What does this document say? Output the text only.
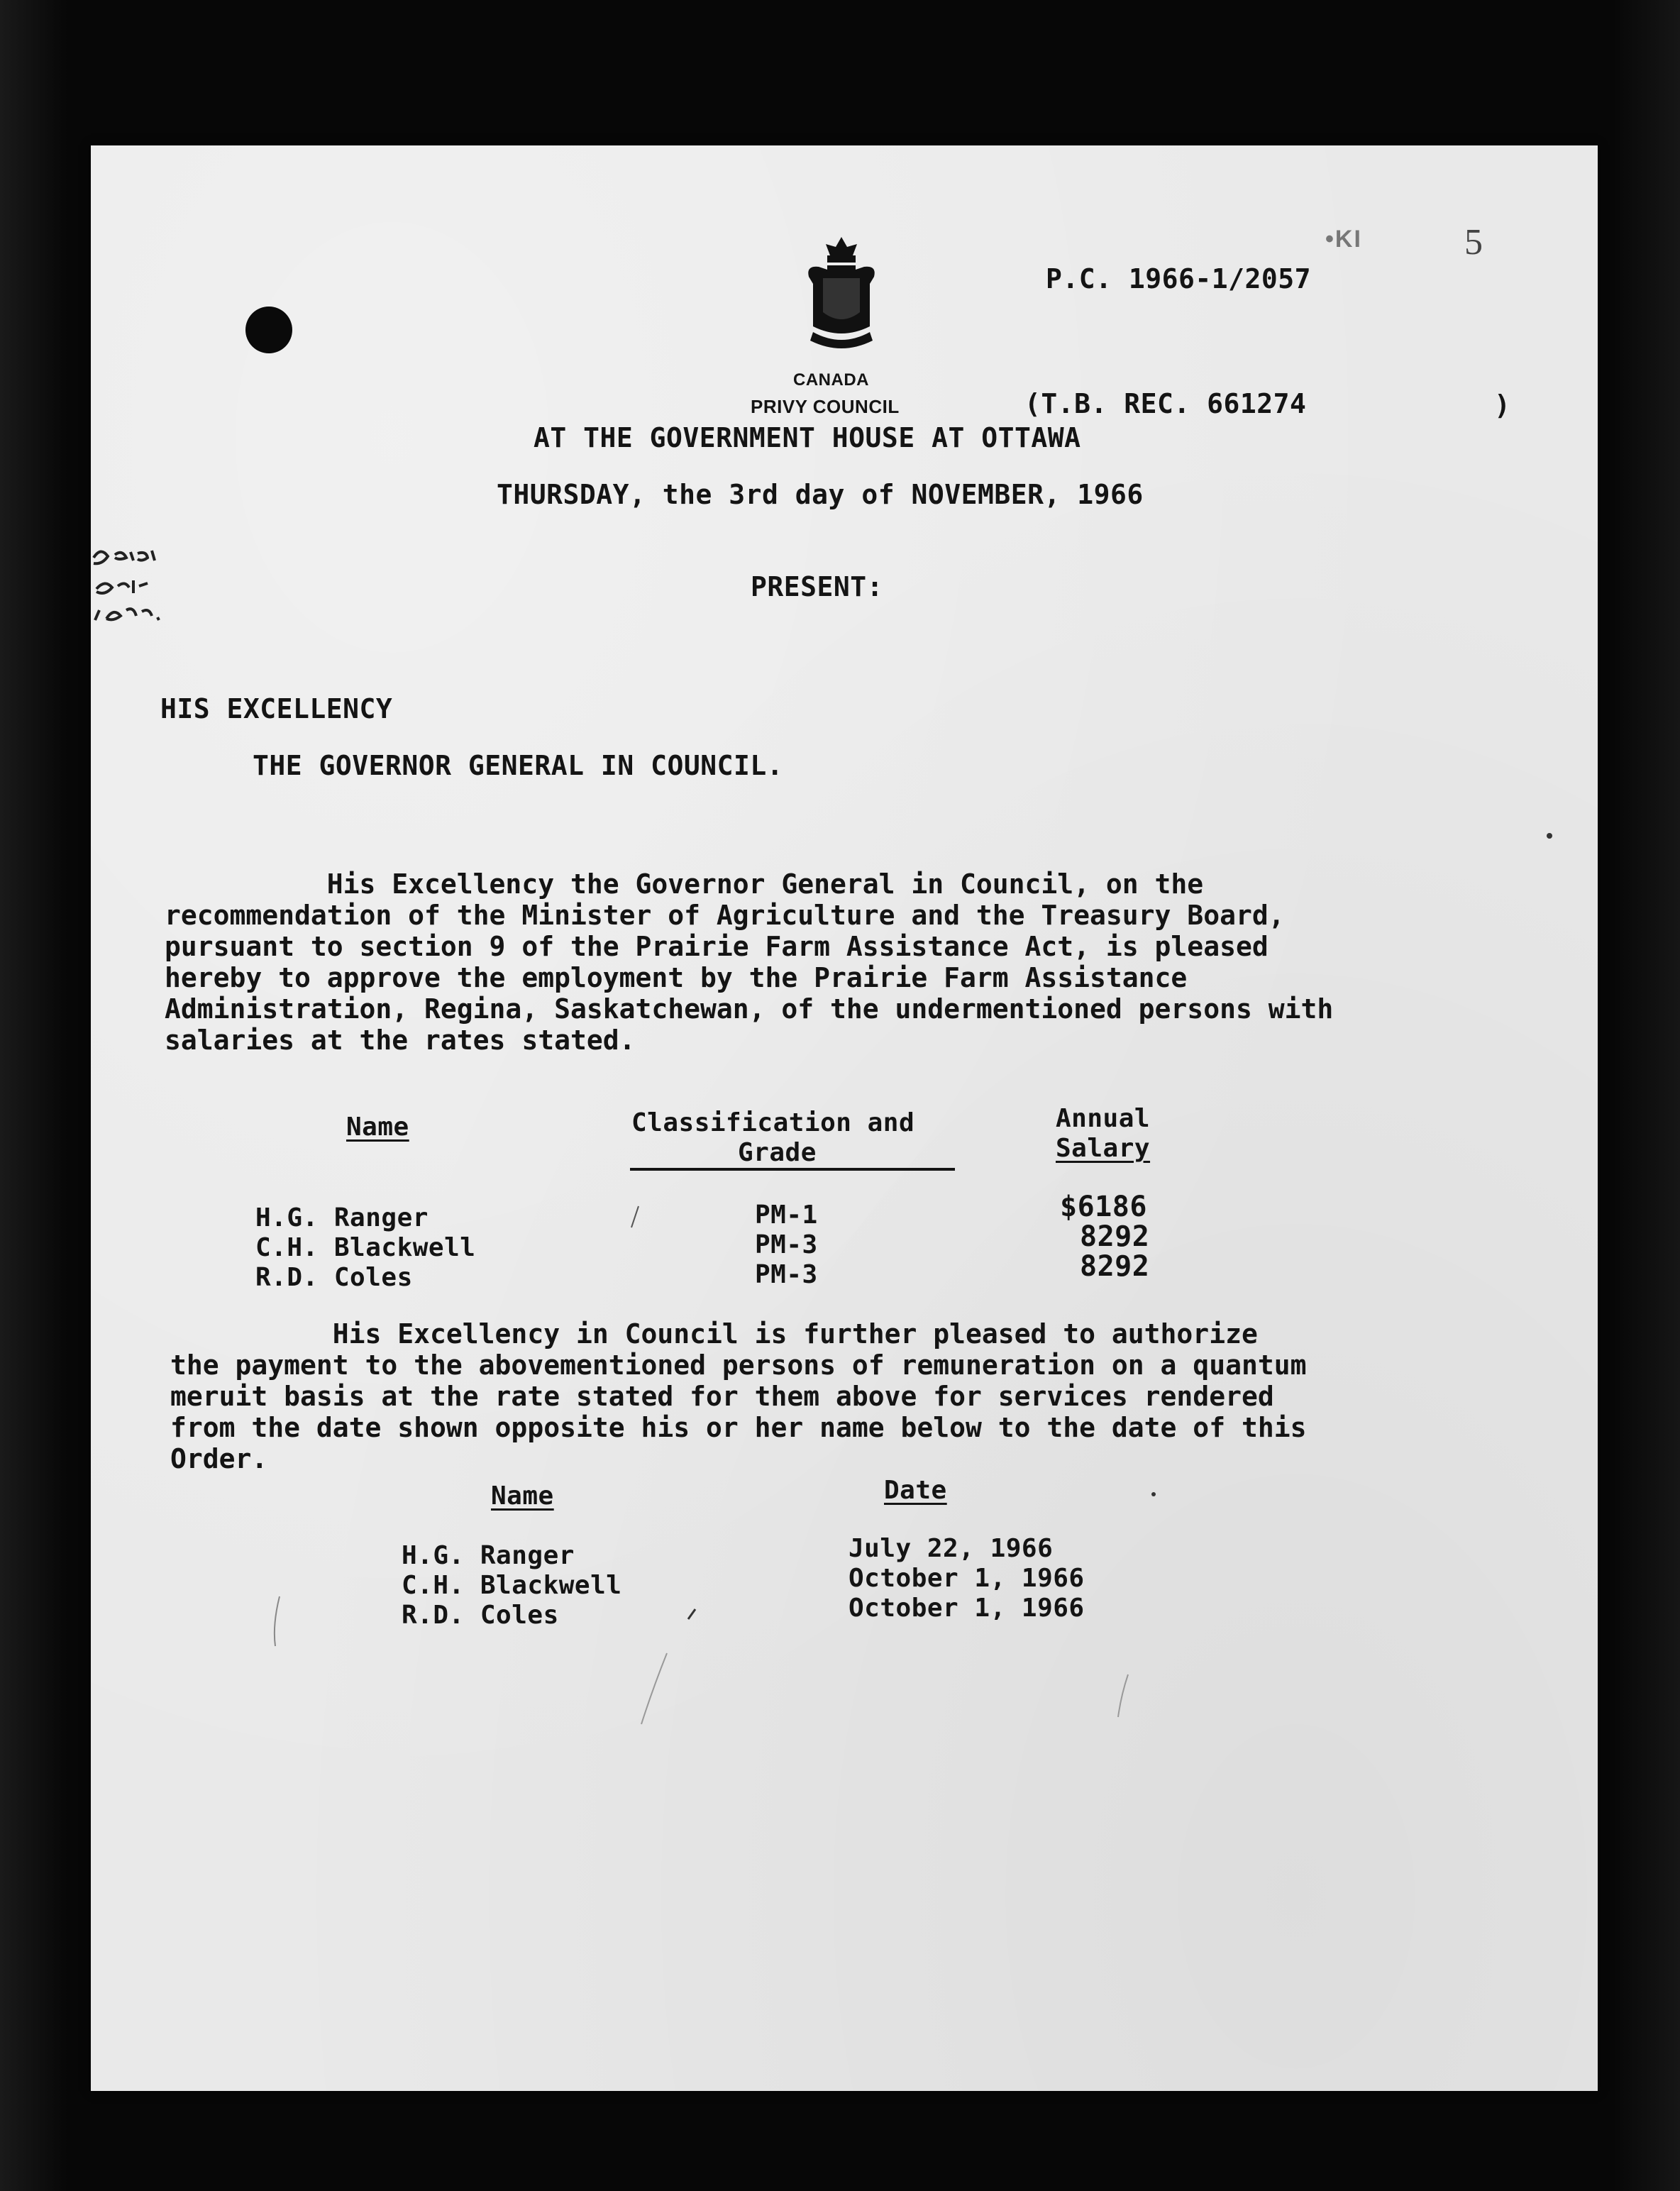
CANADA
PRIVY COUNCIL
5
•KI
P.C. 1966-1/2057
(T.B. REC. 661274	)
AT THE GOVERNMENT HOUSE AT OTTAWA
THURSDAY, the 3rd day of NOVEMBER, 1966
PRESENT:
HIS EXCELLENCY
THE GOVERNOR GENERAL IN COUNCIL.
His Excellency the Governor General in Council, on the
recommendation of the Minister of Agriculture and the Treasury Board,
pursuant to section 9 of the Prairie Farm Assistance Act, is pleased
hereby to approve the employment by the Prairie Farm Assistance
Administration, Regina, Saskatchewan, of the undermentioned persons with
salaries at the rates stated.
Name	Classification and
Grade
Annual
Salary
H.G. Ranger	PM-1	$6186
C.H. Blackwell	PM-3	8292
R.D. Coles	PM-3	8292
His Excellency in Council is further pleased to authorize
the payment to the abovementioned persons of remuneration on a quantum
meruit basis at the rate stated for them above for services rendered
from the date shown opposite his or her name below to the date of this
Order.
Name	Date
H.G. Ranger	July 22, 1966
C.H. Blackwell	October 1, 1966
R.D. Coles	October 1, 1966
